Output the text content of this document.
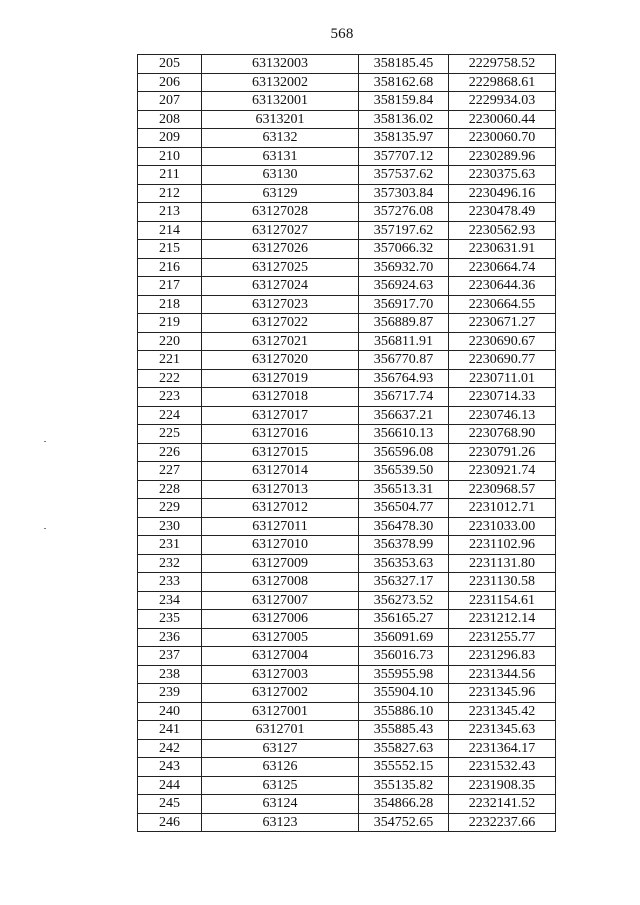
568
205	63132003	358185.45	2229758.52
206	63132002	358162.68	2229868.61
207	63132001	358159.84	2229934.03
208	6313201	358136.02	2230060.44
209	63132	358135.97	2230060.70
210	63131	357707.12	2230289.96
211	63130	357537.62	2230375.63
212	63129	357303.84	2230496.16
213	63127028	357276.08	2230478.49
214	63127027	357197.62	2230562.93
215	63127026	357066.32	2230631.91
216	63127025	356932.70	2230664.74
217	63127024	356924.63	2230644.36
218	63127023	356917.70	2230664.55
219	63127022	356889.87	2230671.27
220	63127021	356811.91	2230690.67
221	63127020	356770.87	2230690.77
222	63127019	356764.93	2230711.01
223	63127018	356717.74	2230714.33
224	63127017	356637.21	2230746.13
225	63127016	356610.13	2230768.90
226	63127015	356596.08	2230791.26
227	63127014	356539.50	2230921.74
228	63127013	356513.31	2230968.57
229	63127012	356504.77	2231012.71
230	63127011	356478.30	2231033.00
231	63127010	356378.99	2231102.96
232	63127009	356353.63	2231131.80
233	63127008	356327.17	2231130.58
234	63127007	356273.52	2231154.61
235	63127006	356165.27	2231212.14
236	63127005	356091.69	2231255.77
237	63127004	356016.73	2231296.83
238	63127003	355955.98	2231344.56
239	63127002	355904.10	2231345.96
240	63127001	355886.10	2231345.42
241	6312701	355885.43	2231345.63
242	63127	355827.63	2231364.17
243	63126	355552.15	2231532.43
244	63125	355135.82	2231908.35
245	63124	354866.28	2232141.52
246	63123	354752.65	2232237.66
